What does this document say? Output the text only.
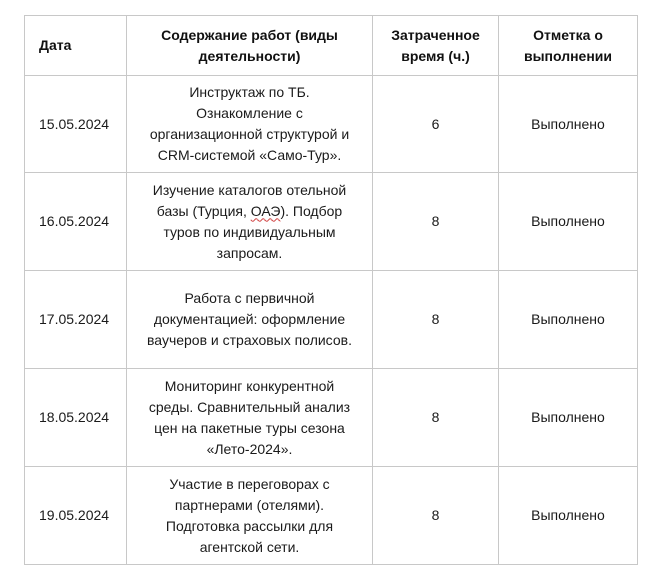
Дата	Содержание работ (виды деятельности)	Затраченное время (ч.)	Отметка о выполнении
15.05.2024	Инструктаж по ТБ. Ознакомление с организационной структурой и CRM-системой «Само-Тур».	6	Выполнено
16.05.2024	Изучение каталогов отельной базы (Турция, ОАЭ). Подбор туров по индивидуальным запросам.	8	Выполнено
17.05.2024	Работа с первичной документацией: оформление ваучеров и страховых полисов.	8	Выполнено
18.05.2024	Мониторинг конкурентной среды. Сравнительный анализ цен на пакетные туры сезона «Лето-2024».	8	Выполнено
19.05.2024	Участие в переговорах с партнерами (отелями). Подготовка рассылки для агентской сети.	8	Выполнено
